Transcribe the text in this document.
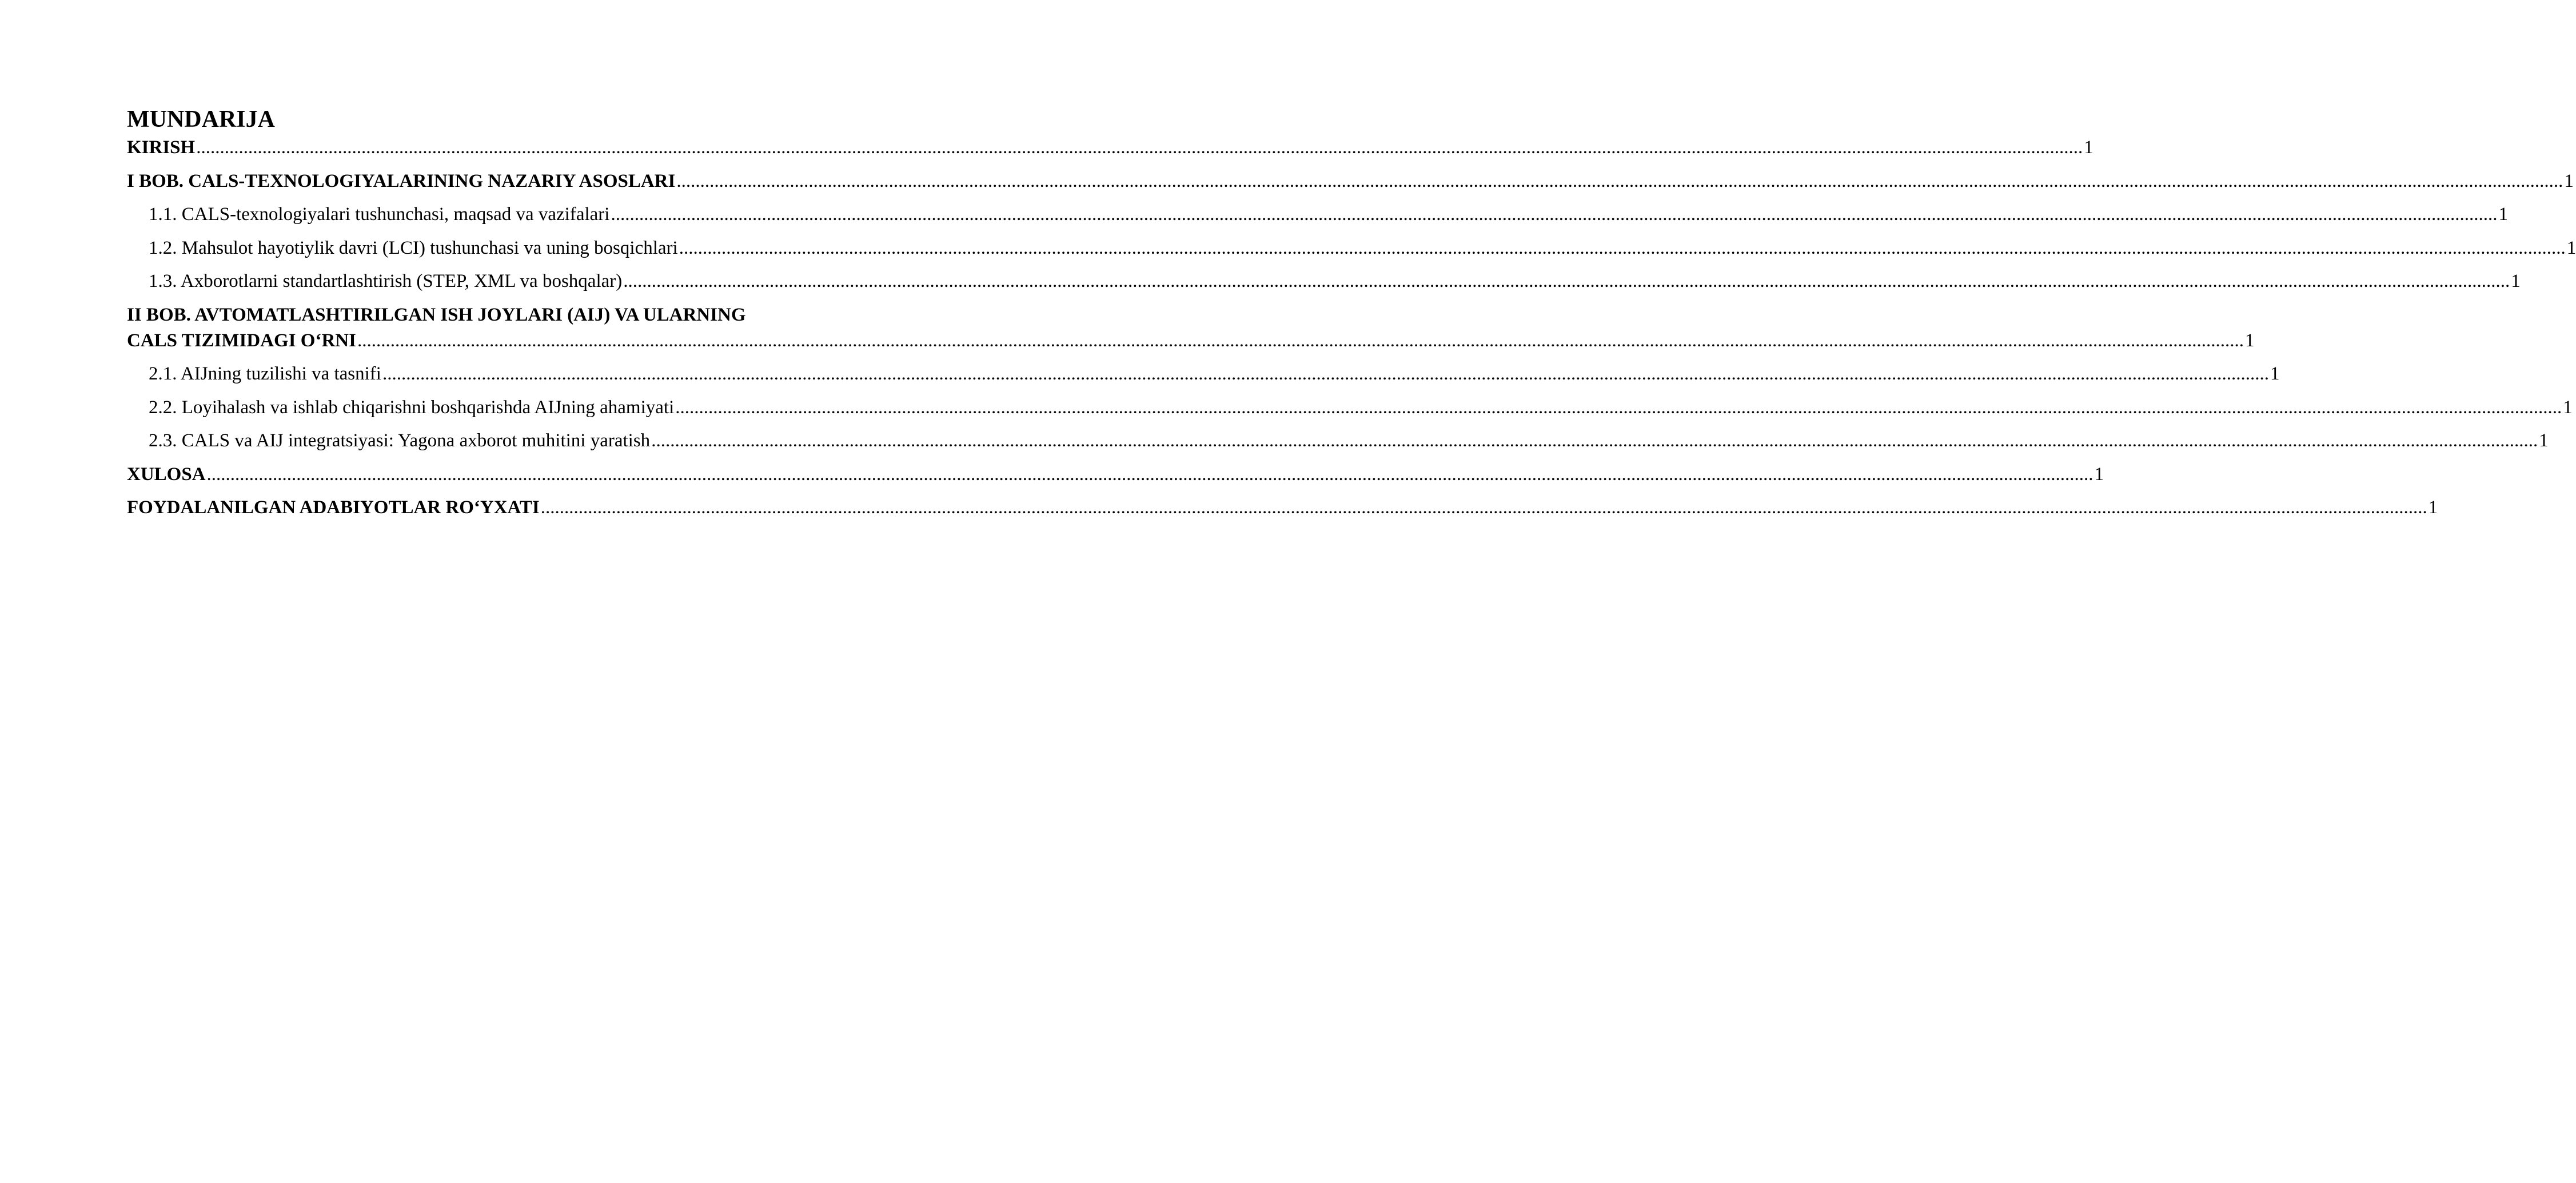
MUNDARIJA
KIRISH ................................................................................................................................................................................................................................................................................................................................................................................................................ 1
I BOB. CALS-TEXNOLOGIYALARINING NAZARIY ASOSLARI ................................................................................................................................................................................................................................................................................................................................................................................................................ 1
1.1. CALS-texnologiyalari tushunchasi, maqsad va vazifalari ................................................................................................................................................................................................................................................................................................................................................................................................................ 1
1.2. Mahsulot hayotiylik davri (LCI) tushunchasi va uning bosqichlari ................................................................................................................................................................................................................................................................................................................................................................................................................ 1
1.3. Axborotlarni standartlashtirish (STEP, XML va boshqalar) ................................................................................................................................................................................................................................................................................................................................................................................................................ 1
II BOB. AVTOMATLASHTIRILGAN ISH JOYLARI (AIJ) VA ULARNING
CALS TIZIMIDAGI O‘RNI ................................................................................................................................................................................................................................................................................................................................................................................................................ 1
2.1. AIJning tuzilishi va tasnifi ................................................................................................................................................................................................................................................................................................................................................................................................................ 1
2.2. Loyihalash va ishlab chiqarishni boshqarishda AIJning ahamiyati ................................................................................................................................................................................................................................................................................................................................................................................................................ 1
2.3. CALS va AIJ integratsiyasi: Yagona axborot muhitini yaratish ................................................................................................................................................................................................................................................................................................................................................................................................................ 1
XULOSA ................................................................................................................................................................................................................................................................................................................................................................................................................ 1
FOYDALANILGAN ADABIYOTLAR RO‘YXATI ................................................................................................................................................................................................................................................................................................................................................................................................................ 1
